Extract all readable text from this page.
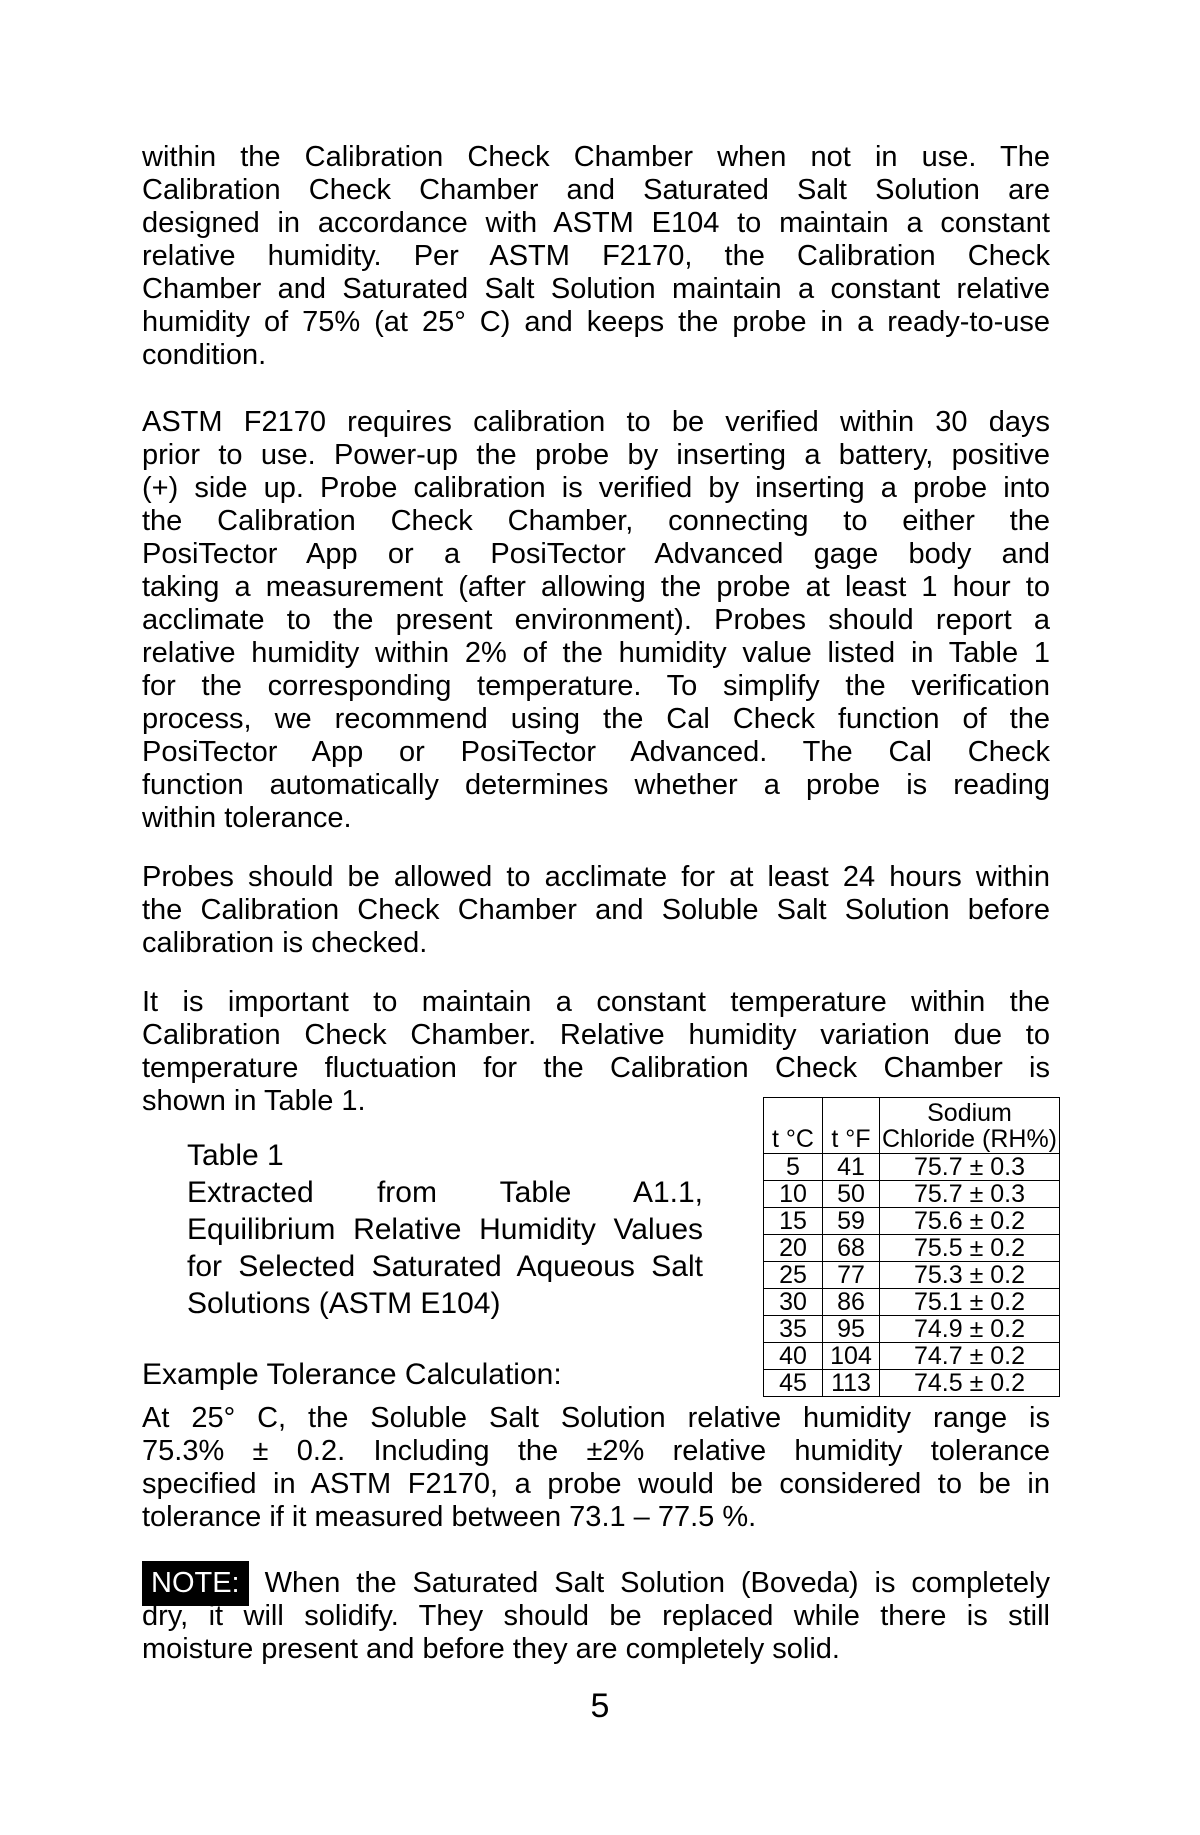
within the Calibration Check Chamber when not in use. The
Calibration Check Chamber and Saturated Salt Solution are
designed in accordance with ASTM E104 to maintain a constant
relative humidity. Per ASTM F2170, the Calibration Check
Chamber and Saturated Salt Solution maintain a constant relative
humidity of 75% (at 25° C) and keeps the probe in a ready-to-use
condition.
ASTM F2170 requires calibration to be verified within 30 days
prior to use. Power-up the probe by inserting a battery, positive
(+) side up. Probe calibration is verified by inserting a probe into
the Calibration Check Chamber, connecting to either the
PosiTector App or a PosiTector Advanced gage body and
taking a measurement (after allowing the probe at least 1 hour to
acclimate to the present environment). Probes should report a
relative humidity within 2% of the humidity value listed in Table 1
for the corresponding temperature. To simplify the verification
process, we recommend using the Cal Check function of the
PosiTector App or PosiTector Advanced. The Cal Check
function automatically determines whether a probe is reading
within tolerance.
Probes should be allowed to acclimate for at least 24 hours within
the Calibration Check Chamber and Soluble Salt Solution before
calibration is checked.
It is important to maintain a constant temperature within the
Calibration Check Chamber. Relative humidity variation due to
temperature fluctuation for the Calibration Check Chamber is
shown in Table 1.
Table 1
Extracted from Table A1.1,
Equilibrium Relative Humidity Values
for Selected Saturated Aqueous Salt
Solutions (ASTM E104)
t °C	t °F	Sodium
Chloride (RH%)

5	41	75.7 ± 0.3
10	50	75.7 ± 0.3
15	59	75.6 ± 0.2
20	68	75.5 ± 0.2
25	77	75.3 ± 0.2
30	86	75.1 ± 0.2
35	95	74.9 ± 0.2
40	104	74.7 ± 0.2
45	113	74.5 ± 0.2
Example Tolerance Calculation:
At 25° C, the Soluble Salt Solution relative humidity range is
75.3% ± 0.2. Including the ±2% relative humidity tolerance
specified in ASTM F2170, a probe would be considered to be in
tolerance if it measured between 73.1 – 77.5 %.
NOTE: When the Saturated Salt Solution (Boveda) is completely
dry, it will solidify. They should be replaced while there is still
moisture present and before they are completely solid.
5
